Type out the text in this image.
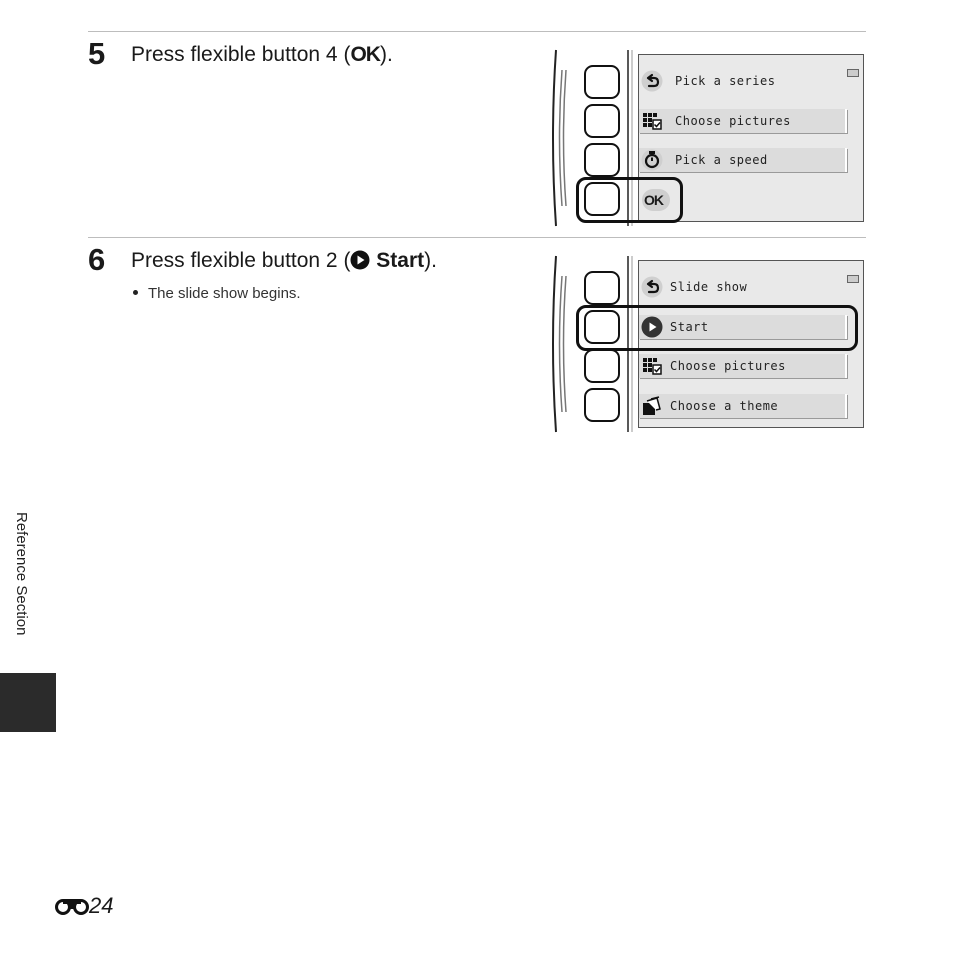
5 Press flexible button 4 (OK).
Pick a series
Choose pictures
Pick a speed
OK
6 Press flexible button 2 ( Start).
The slide show begins.	Slide show
Start
Choose pictures
Choose a theme
Reference Section
24
